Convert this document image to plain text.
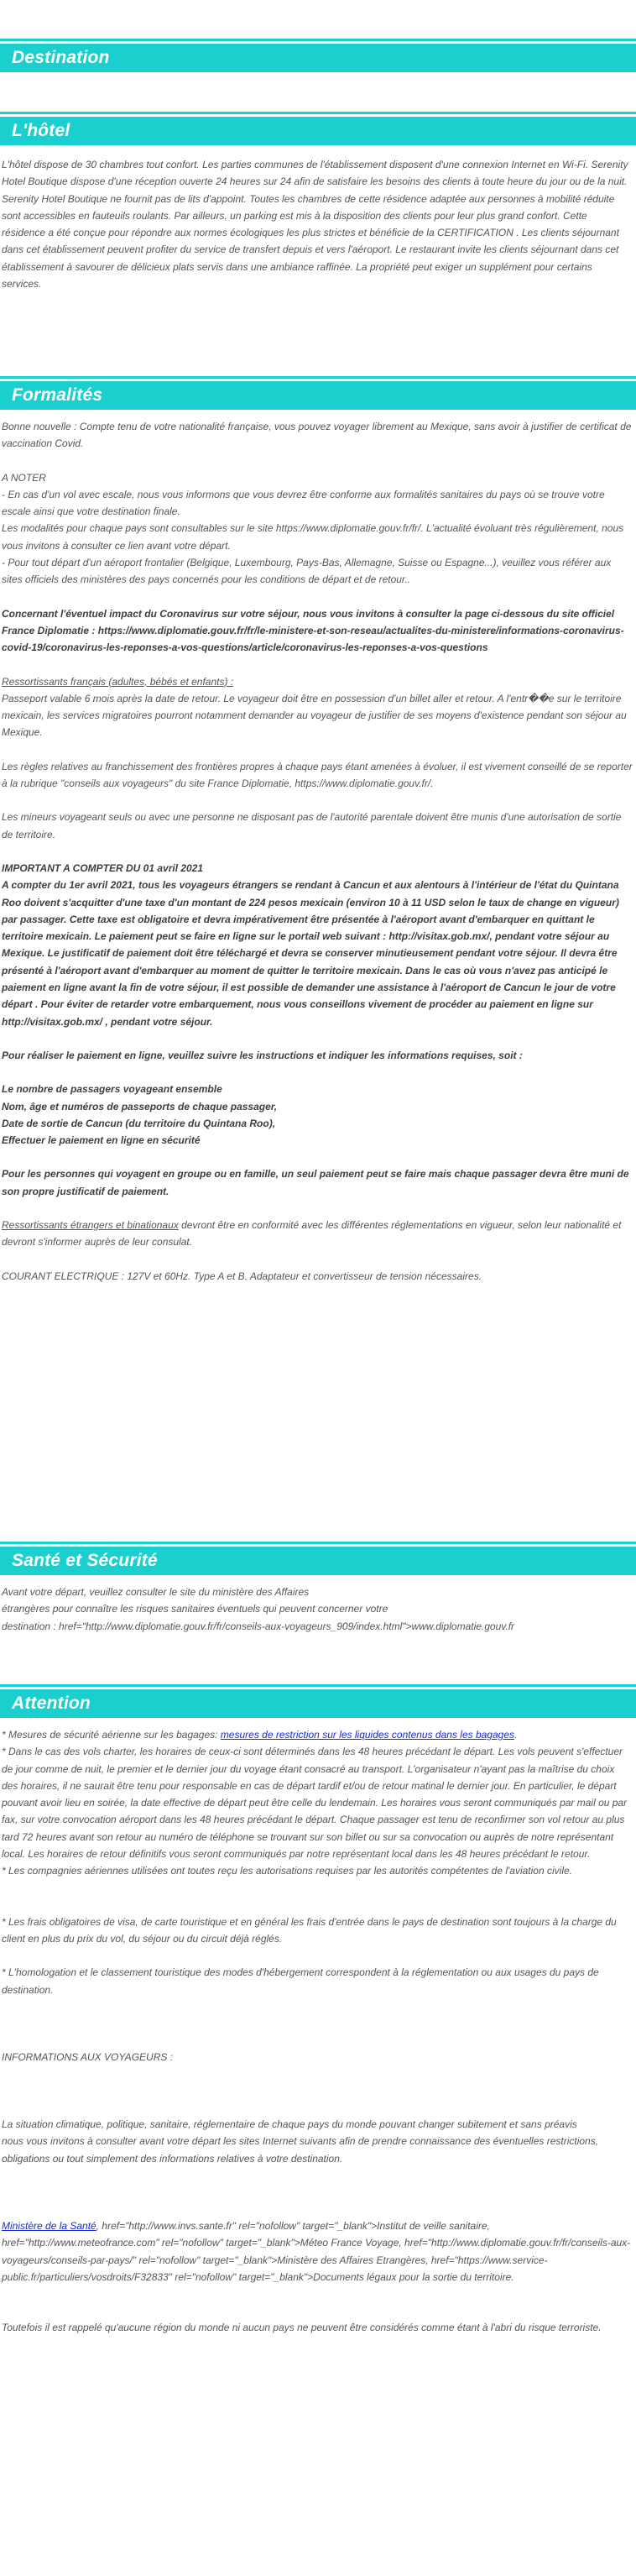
Destination
L'hôtel

L'hôtel dispose de 30 chambres tout confort. Les parties communes de l'établissement disposent d'une connexion Internet en Wi-Fi. Serenity Hotel Boutique dispose d'une réception ouverte 24 heures sur 24 afin de satisfaire les besoins des clients à toute heure du jour ou de la nuit. Serenity Hotel Boutique ne fournit pas de lits d'appoint. Toutes les chambres de cette résidence adaptée aux personnes à mobilité réduite sont accessibles en fauteuils roulants. Par ailleurs, un parking est mis à la disposition des clients pour leur plus grand confort. Cette résidence a été conçue pour répondre aux normes écologiques les plus strictes et bénéficie de la CERTIFICATION . Les clients séjournant dans cet établissement peuvent profiter du service de transfert depuis et vers l'aéroport. Le restaurant invite les clients séjournant dans cet établissement à savourer de délicieux plats servis dans une ambiance raffinée. La propriété peut exiger un supplément pour certains services.

Formalités

Bonne nouvelle : Compte tenu de votre nationalité française, vous pouvez voyager librement au Mexique, sans avoir à justifier de certificat de vaccination Covid.

A NOTER

- En cas d'un vol avec escale, nous vous informons que vous devrez être conforme aux formalités sanitaires du pays où se trouve votre escale ainsi que votre destination finale.

Les modalités pour chaque pays sont consultables sur le site https://www.diplomatie.gouv.fr/fr/. L'actualité évoluant très régulièrement, nous vous invitons à consulter ce lien avant votre départ.

- Pour tout départ d'un aéroport frontalier (Belgique, Luxembourg, Pays-Bas, Allemagne, Suisse ou Espagne...), veuillez vous référer aux sites officiels des ministères des pays concernés pour les conditions de départ et de retour..

Concernant l'éventuel impact du Coronavirus sur votre séjour, nous vous invitons à consulter la page ci-dessous du site officiel France Diplomatie : https://www.diplomatie.gouv.fr/fr/le-ministere-et-son-reseau/actualites-du-ministere/informations-coronavirus-covid-19/coronavirus-les-reponses-a-vos-questions/article/coronavirus-les-reponses-a-vos-questions

Ressortissants français (adultes, bébés et enfants) :

Passeport valable 6 mois après la date de retour. Le voyageur doit être en possession d'un billet aller et retour. A l'entr��e sur le territoire mexicain, les services migratoires pourront notamment demander au voyageur de justifier de ses moyens d'existence pendant son séjour au Mexique.

Les règles relatives au franchissement des frontières propres à chaque pays étant amenées à évoluer, il est vivement conseillé de se reporter à la rubrique "conseils aux voyageurs" du site France Diplomatie, https://www.diplomatie.gouv.fr/.

Les mineurs voyageant seuls ou avec une personne ne disposant pas de l'autorité parentale doivent être munis d'une autorisation de sortie de territoire.

IMPORTANT A COMPTER DU 01 avril 2021

A compter du 1er avril 2021, tous les voyageurs étrangers se rendant à Cancun et aux alentours à l'intérieur de l'état du Quintana Roo doivent s'acquitter d'une taxe d'un montant de 224 pesos mexicain (environ 10 à 11 USD selon le taux de change en vigueur) par passager. Cette taxe est obligatoire et devra impérativement être présentée à l'aéroport avant d'embarquer en quittant le territoire mexicain. Le paiement peut se faire en ligne sur le portail web suivant : http://visitax.gob.mx/, pendant votre séjour au Mexique. Le justificatif de paiement doit être téléchargé et devra se conserver minutieusement pendant votre séjour. Il devra être présenté à l'aéroport avant d'embarquer au moment de quitter le territoire mexicain. Dans le cas où vous n'avez pas anticipé le paiement en ligne avant la fin de votre séjour, il est possible de demander une assistance à l'aéroport de Cancun le jour de votre départ . Pour éviter de retarder votre embarquement, nous vous conseillons vivement de procéder au paiement en ligne sur http://visitax.gob.mx/ , pendant votre séjour.

Pour réaliser le paiement en ligne, veuillez suivre les instructions et indiquer les informations requises, soit :

Le nombre de passagers voyageant ensemble

Nom, âge et numéros de passeports de chaque passager,

Date de sortie de Cancun (du territoire du Quintana Roo),

Effectuer le paiement en ligne en sécurité

Pour les personnes qui voyagent en groupe ou en famille, un seul paiement peut se faire mais chaque passager devra être muni de son propre justificatif de paiement.

Ressortissants étrangers et binationaux devront être en conformité avec les différentes réglementations en vigueur, selon leur nationalité et devront s'informer auprès de leur consulat.

COURANT ELECTRIQUE : 127V et 60Hz. Type A et B. Adaptateur et convertisseur de tension nécessaires.

Santé et Sécurité

Avant votre départ, veuillez consulter le site du ministère des Affaires

étrangères pour connaître les risques sanitaires éventuels qui peuvent concerner votre

destination : href="http://www.diplomatie.gouv.fr/fr/conseils-aux-voyageurs_909/index.html">www.diplomatie.gouv.fr

Attention

* Mesures de sécurité aérienne sur les bagages: mesures de restriction sur les liquides contenus dans les bagages.

* Dans le cas des vols charter, les horaires de ceux-ci sont déterminés dans les 48 heures précédant le départ. Les vols peuvent s'effectuer de jour comme de nuit, le premier et le dernier jour du voyage étant consacré au transport. L'organisateur n'ayant pas la maîtrise du choix des horaires, il ne saurait être tenu pour responsable en cas de départ tardif et/ou de retour matinal le dernier jour. En particulier, le départ pouvant avoir lieu en soirée, la date effective de départ peut être celle du lendemain. Les horaires vous seront communiqués par mail ou par fax, sur votre convocation aéroport dans les 48 heures précédant le départ. Chaque passager est tenu de reconfirmer son vol retour au plus tard 72 heures avant son retour au numéro de téléphone se trouvant sur son billet ou sur sa convocation ou auprès de notre représentant local. Les horaires de retour définitifs vous seront communiqués par notre représentant local dans les 48 heures précédant le retour.

* Les compagnies aériennes utilisées ont toutes reçu les autorisations requises par les autorités compétentes de l'aviation civile.

* Les frais obligatoires de visa, de carte touristique et en général les frais d'entrée dans le pays de destination sont toujours à la charge du client en plus du prix du vol, du séjour ou du circuit déjà réglés.

* L'homologation et le classement touristique des modes d'hébergement correspondent à la réglementation ou aux usages du pays de destination.

INFORMATIONS AUX VOYAGEURS :

La situation climatique, politique, sanitaire, réglementaire de chaque pays du monde pouvant changer subitement et sans préavis

nous vous invitons à consulter avant votre départ les sites Internet suivants afin de prendre connaissance des éventuelles restrictions, obligations ou tout simplement des informations relatives à votre destination.

Ministère de la Santé, href="http://www.invs.sante.fr" rel="nofollow" target="_blank">Institut de veille sanitaire, href="http://www.meteofrance.com" rel="nofollow" target="_blank">Méteo France Voyage, href="http://www.diplomatie.gouv.fr/fr/conseils-aux-voyageurs/conseils-par-pays/" rel="nofollow" target="_blank">Ministère des Affaires Etrangères, href="https://www.service-public.fr/particuliers/vosdroits/F32833" rel="nofollow" target="_blank">Documents légaux pour la sortie du territoire.

Toutefois il est rappelé qu'aucune région du monde ni aucun pays ne peuvent être considérés comme étant à l'abri du risque terroriste.
